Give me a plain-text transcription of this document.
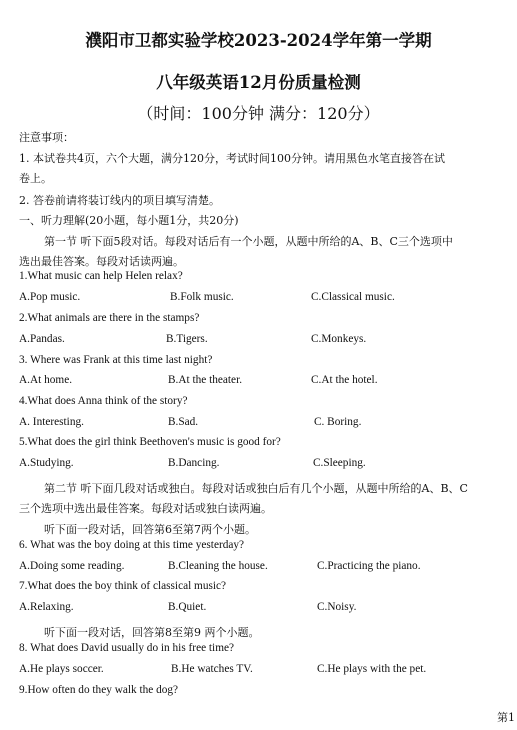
濮阳市卫都实验学校2023-2024学年第一学期
八年级英语12月份质量检测
（时间：100分钟 满分：120分）
注意事项：
1. 本试卷共4页，六个大题，满分120分，考试时间100分钟。请用黑色水笔直接答在试
卷上。
2. 答卷前请将装订线内的项目填写清楚。
一、听力理解(20小题，每小题1分，共20分)
第一节 听下面5段对话。每段对话后有一个小题，从题中所给的A、B、C三个选项中
选出最佳答案。每段对话读两遍。
1.What music can help Helen relax?
A.Pop music.	B.Folk music.	C.Classical music.
2.What animals are there in the stamps?
A.Pandas.	B.Tigers.	C.Monkeys.
3. Where was Frank at this time last night?
A.At home.	B.At the theater.	C.At the hotel.
4.What does Anna think of the story?
A. Interesting.	B.Sad.	C. Boring.
5.What does the girl think Beethoven's music is good for?
A.Studying.	B.Dancing.	C.Sleeping.
第二节 听下面几段对话或独白。每段对话或独白后有几个小题，从题中所给的A、B、C
三个选项中选出最佳答案。每段对话或独白读两遍。
听下面一段对话，回答第6至第7两个小题。
6. What was the boy doing at this time yesterday?
A.Doing some reading.	B.Cleaning the house.	C.Practicing the piano.
7.What does the boy think of classical music?
A.Relaxing.	B.Quiet.	C.Noisy.
听下面一段对话，回答第8至第9 两个小题。
8. What does David usually do in his free time?
A.He plays soccer.	B.He watches TV.	C.He plays with the pet.
9.How often do they walk the dog?
第1
